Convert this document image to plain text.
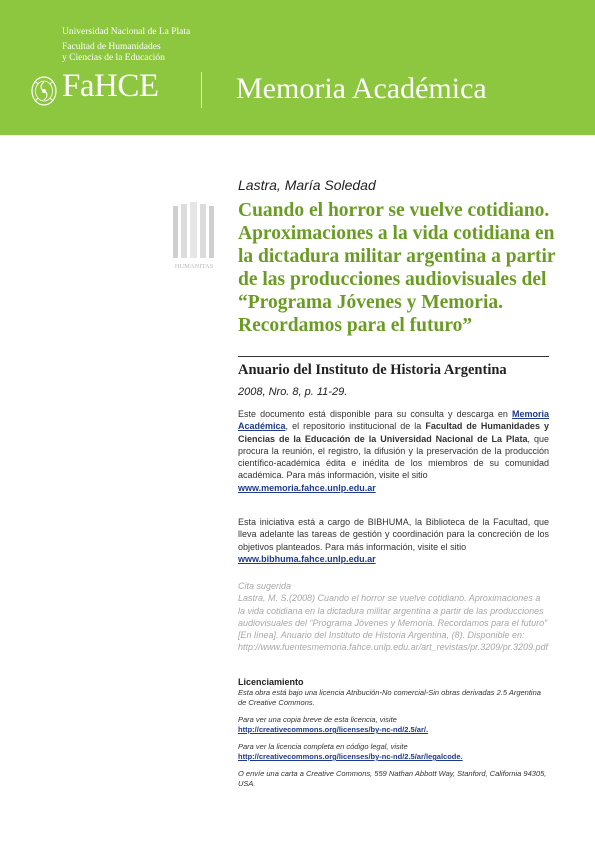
Universidad Nacional de La Plata
Facultad de Humanidades
y Ciencias de la Educación
FaHCE	Memoria Académica
HUMANITAS
Lastra, María Soledad
Cuando el horror se vuelve cotidiano. Aproximaciones a la vida cotidiana en la dictadura militar argentina a partir de las producciones audiovisuales del “Programa Jóvenes y Memoria. Recordamos para el futuro”
Anuario del Instituto de Historia Argentina
2008, Nro. 8, p. 11-29.

Este documento está disponible para su consulta y descarga en Memoria Académica, el repositorio institucional de la Facultad de Humanidades y Ciencias de la Educación de la Universidad Nacional de La Plata, que procura la reunión, el registro, la difusión y la preservación de la producción científico-académica édita e inédita de los miembros de su comunidad académica. Para más información, visite el sitio
www.memoria.fahce.unlp.edu.ar

Esta iniciativa está a cargo de BIBHUMA, la Biblioteca de la Facultad, que lleva adelante las tareas de gestión y coordinación para la concreción de los objetivos planteados. Para más información, visite el sitio
www.bibhuma.fahce.unlp.edu.ar

Cita sugerida
Lastra, M. S.(2008) Cuando el horror se vuelve cotidiano. Aproximaciones a la vida cotidiana en la dictadura militar argentina a partir de las producciones audiovisuales del “Programa Jóvenes y Memoria. Recordamos para el futuro” [En línea]. Anuario del Instituto de Historia Argentina, (8). Disponible en: http://www.fuentesmemoria.fahce.unlp.edu.ar/art_revistas/pr.3209/pr.3209.pdf
Licenciamiento

Esta obra está bajo una licencia Atribución-No comercial-Sin obras derivadas 2.5 Argentina de Creative Commons.

Para ver una copia breve de esta licencia, visite

http://creativecommons.org/licenses/by-nc-nd/2.5/ar/.

Para ver la licencia completa en código legal, visite

http://creativecommons.org/licenses/by-nc-nd/2.5/ar/legalcode.

O envíe una carta a Creative Commons, 559 Nathan Abbott Way, Stanford, California 94305, USA.
